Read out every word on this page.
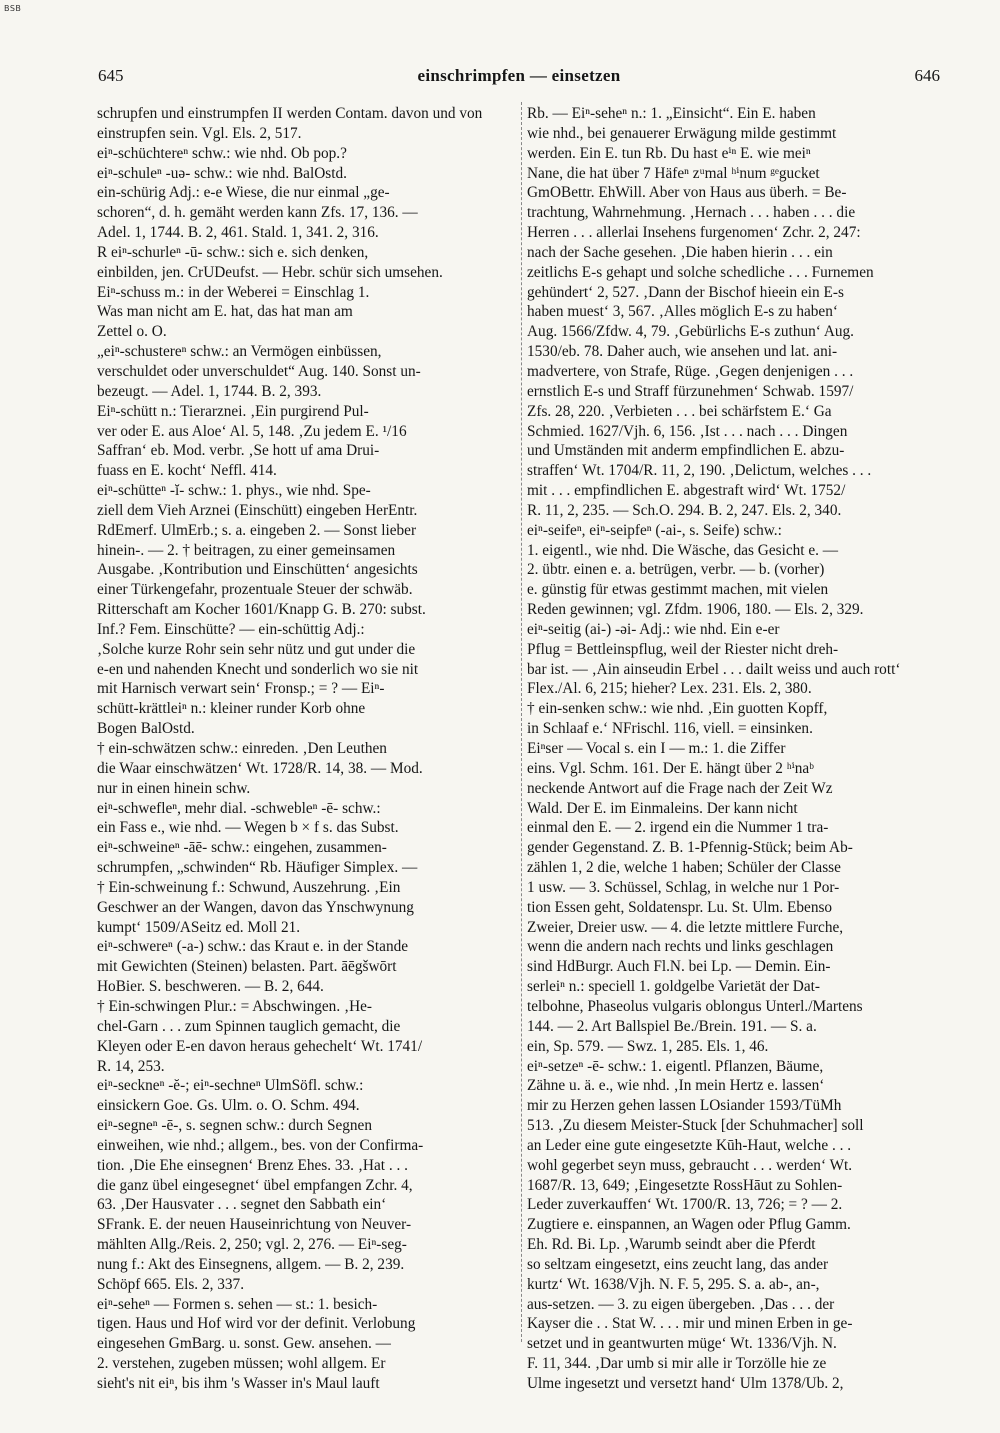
BSB
645	einschrimpfen — einsetzen	646
schrupfen und einstrumpfen II werden Contam. davon und von
einstrupfen sein. Vgl. Els. 2, 517.
eiⁿ-schüchtereⁿ schw.: wie nhd. Ob pop.?
eiⁿ-schuleⁿ -uə- schw.: wie nhd. BalOstd.
ein-schürig Adj.: e-e Wiese, die nur einmal „ge-
schoren“, d. h. gemäht werden kann Zfs. 17, 136. —
Adel. 1, 1744. B. 2, 461. Stald. 1, 341. 2, 316.
R eiⁿ-schurleⁿ -ū- schw.: sich e. sich denken,
einbilden, jen. CrUDeufst. — Hebr. schür sich umsehen.
Eiⁿ-schuss m.: in der Weberei = Einschlag 1.
Was man nicht am E. hat, das hat man am
Zettel o. O.
„eiⁿ-schustereⁿ schw.: an Vermögen einbüssen,
verschuldet oder unverschuldet“ Aug. 140. Sonst un-
bezeugt. — Adel. 1, 1744. B. 2, 393.
Eiⁿ-schütt n.: Tierarznei. ‚Ein purgirend Pul-
ver oder E. aus Aloe‘ Al. 5, 148. ‚Zu jedem E. ¹/16
Saffran‘ eb. Mod. verbr. ‚Se hott uf ama Drui-
fuass en E. kocht‘ Neffl. 414.
eiⁿ-schütteⁿ -ĭ- schw.: 1. phys., wie nhd. Spe-
ziell dem Vieh Arznei (Einschütt) eingeben HerEntr.
RdEmerf. UlmErb.; s. a. eingeben 2. — Sonst lieber
hinein-. — 2. † beitragen, zu einer gemeinsamen
Ausgabe. ‚Kontribution und Einschütten‘ angesichts
einer Türkengefahr, prozentuale Steuer der schwäb.
Ritterschaft am Kocher 1601/Knapp G. B. 270: subst.
Inf.? Fem. Einschütte? — ein-schüttig Adj.:
‚Solche kurze Rohr sein sehr nütz und gut under die
e-en und nahenden Knecht und sonderlich wo sie nit
mit Harnisch verwart sein‘ Fronsp.; = ? — Eiⁿ-
schütt-krättleiⁿ n.: kleiner runder Korb ohne
Bogen BalOstd.
† ein-schwätzen schw.: einreden. ‚Den Leuthen
die Waar einschwätzen‘ Wt. 1728/R. 14, 38. — Mod.
nur in einen hinein schw.
eiⁿ-schwefleⁿ, mehr dial. -schwebleⁿ -ē- schw.:
ein Fass e., wie nhd. — Wegen b × f s. das Subst.
eiⁿ-schweineⁿ -āē- schw.: eingehen, zusammen-
schrumpfen, „schwinden“ Rb. Häufiger Simplex. —
† Ein-schweinung f.: Schwund, Auszehrung. ‚Ein
Geschwer an der Wangen, davon das Ynschwynung
kumpt‘ 1509/ASeitz ed. Moll 21.
eiⁿ-schwereⁿ (-a-) schw.: das Kraut e. in der Stande
mit Gewichten (Steinen) belasten. Part. āēgšwōrt
HoBier. S. beschweren. — B. 2, 644.
† Ein-schwingen Plur.: = Abschwingen. ‚He-
chel-Garn . . . zum Spinnen tauglich gemacht, die
Kleyen oder E-en davon heraus gehechelt‘ Wt. 1741/
R. 14, 253.
eiⁿ-seckneⁿ -ĕ-; eiⁿ-sechneⁿ UlmSöfl. schw.:
einsickern Goe. Gs. Ulm. o. O. Schm. 494.
eiⁿ-segneⁿ -ē-, s. segnen schw.: durch Segnen
einweihen, wie nhd.; allgem., bes. von der Confirma-
tion. ‚Die Ehe einsegnen‘ Brenz Ehes. 33. ‚Hat . . .
die ganz übel eingesegnet‘ übel empfangen Zchr. 4,
63. ‚Der Hausvater . . . segnet den Sabbath ein‘
SFrank. E. der neuen Hauseinrichtung von Neuver-
mählten Allg./Reis. 2, 250; vgl. 2, 276. — Eiⁿ-seg-
nung f.: Akt des Einsegnens, allgem. — B. 2, 239.
Schöpf 665. Els. 2, 337.
eiⁿ-seheⁿ — Formen s. sehen — st.: 1. besich-
tigen. Haus und Hof wird vor der definit. Verlobung
eingesehen GmBarg. u. sonst. Gew. ansehen. —
2. verstehen, zugeben müssen; wohl allgem. Er
sieht's nit eiⁿ, bis ihm 's Wasser in's Maul lauft
Rb. — Eiⁿ-seheⁿ n.: 1. „Einsicht“. Ein E. haben
wie nhd., bei genauerer Erwägung milde gestimmt
werden. Ein E. tun Rb. Du hast eⁱⁿ E. wie meiⁿ
Nane, die hat über 7 Häfeⁿ zᵘmal ʰⁱnum ᵍᵉgucket
GmOBettr. EhWill. Aber von Haus aus überh. = Be-
trachtung, Wahrnehmung. ‚Hernach . . . haben . . . die
Herren . . . allerlai Insehens furgenomen‘ Zchr. 2, 247:
nach der Sache gesehen. ‚Die haben hierin . . . ein
zeitlichs E-s gehapt und solche schedliche . . . Furnemen
gehündert‘ 2, 527. ‚Dann der Bischof hieein ein E-s
haben muest‘ 3, 567. ‚Alles möglich E-s zu haben‘
Aug. 1566/Zfdw. 4, 79. ‚Gebürlichs E-s zuthun‘ Aug.
1530/eb. 78. Daher auch, wie ansehen und lat. ani-
madvertere, von Strafe, Rüge. ‚Gegen denjenigen . . .
ernstlich E-s und Straff fürzunehmen‘ Schwab. 1597/
Zfs. 28, 220. ‚Verbieten . . . bei schärfstem E.‘ Ga
Schmied. 1627/Vjh. 6, 156. ‚Ist . . . nach . . . Dingen
und Umständen mit anderm empfindlichen E. abzu-
straffen‘ Wt. 1704/R. 11, 2, 190. ‚Delictum, welches . . .
mit . . . empfindlichen E. abgestraft wird‘ Wt. 1752/
R. 11, 2, 235. — Sch.O. 294. B. 2, 247. Els. 2, 340.
eiⁿ-seifeⁿ, eiⁿ-seipfeⁿ (-ai-, s. Seife) schw.:
1. eigentl., wie nhd. Die Wäsche, das Gesicht e. —
2. übtr. einen e. a. betrügen, verbr. — b. (vorher)
e. günstig für etwas gestimmt machen, mit vielen
Reden gewinnen; vgl. Zfdm. 1906, 180. — Els. 2, 329.
eiⁿ-seitig (ai-) -əi- Adj.: wie nhd. Ein e-er
Pflug = Bettleinspflug, weil der Riester nicht dreh-
bar ist. — ‚Ain ainseudin Erbel . . . dailt weiss und auch rott‘
Flex./Al. 6, 215; hieher? Lex. 231. Els. 2, 380.
† ein-senken schw.: wie nhd. ‚Ein guotten Kopff,
in Schlaaf e.‘ NFrischl. 116, viell. = einsinken.
Eiⁿser — Vocal s. ein I — m.: 1. die Ziffer
eins. Vgl. Schm. 161. Der E. hängt über 2 ʰⁱnaᵇ
neckende Antwort auf die Frage nach der Zeit Wz
Wald. Der E. im Einmaleins. Der kann nicht
einmal den E. — 2. irgend ein die Nummer 1 tra-
gender Gegenstand. Z. B. 1-Pfennig-Stück; beim Ab-
zählen 1, 2 die, welche 1 haben; Schüler der Classe
1 usw. — 3. Schüssel, Schlag, in welche nur 1 Por-
tion Essen geht, Soldatenspr. Lu. St. Ulm. Ebenso
Zweier, Dreier usw. — 4. die letzte mittlere Furche,
wenn die andern nach rechts und links geschlagen
sind HdBurgr. Auch Fl.N. bei Lp. — Demin. Ein-
serleiⁿ n.: speciell 1. goldgelbe Varietät der Dat-
telbohne, Phaseolus vulgaris oblongus Unterl./Martens
144. — 2. Art Ballspiel Be./Brein. 191. — S. a.
ein, Sp. 579. — Swz. 1, 285. Els. 1, 46.
eiⁿ-setzeⁿ -ē- schw.: 1. eigentl. Pflanzen, Bäume,
Zähne u. ä. e., wie nhd. ‚In mein Hertz e. lassen‘
mir zu Herzen gehen lassen LOsiander 1593/TüMh
513. ‚Zu diesem Meister-Stuck [der Schuhmacher] soll
an Leder eine gute eingesetzte Kūh-Haut, welche . . .
wohl gegerbet seyn muss, gebraucht . . . werden‘ Wt.
1687/R. 13, 649; ‚Eingesetzte RossHāut zu Sohlen-
Leder zuverkauffen‘ Wt. 1700/R. 13, 726; = ? — 2.
Zugtiere e. einspannen, an Wagen oder Pflug Gamm.
Eh. Rd. Bi. Lp. ‚Warumb seindt aber die Pferdt
so seltzam eingesetzt, eins zeucht lang, das ander
kurtz‘ Wt. 1638/Vjh. N. F. 5, 295. S. a. ab-, an-,
aus-setzen. — 3. zu eigen übergeben. ‚Das . . . der
Kayser die . . Stat W. . . . mir und minen Erben in ge-
setzet und in geantwurten müge‘ Wt. 1336/Vjh. N.
F. 11, 344. ‚Dar umb si mir alle ir Torzölle hie ze
Ulme ingesetzt und versetzt hand‘ Ulm 1378/Ub. 2,
